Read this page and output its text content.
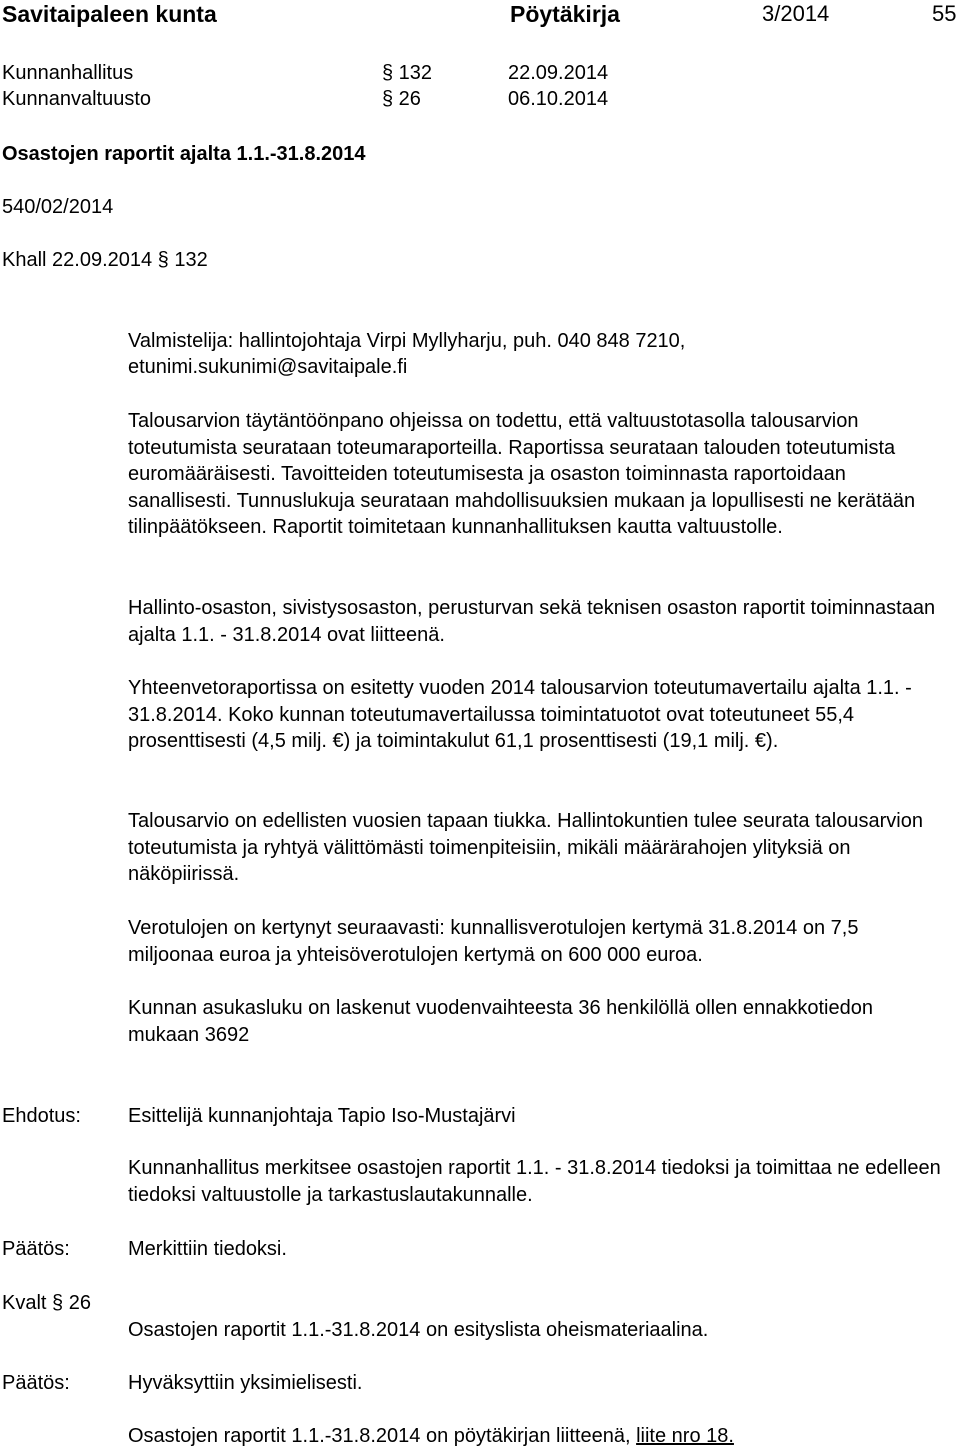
Savitaipaleen kunta	Pöytäkirja	3/2014	55
Kunnanhallitus	§ 132	22.09.2014
Kunnanvaltuusto	§ 26	06.10.2014
Osastojen raportit ajalta 1.1.-31.8.2014
540/02/2014
Khall 22.09.2014 § 132
Valmistelija: hallintojohtaja Virpi Myllyharju, puh. 040 848 7210,
etunimi.sukunimi@savitaipale.fi
Talousarvion täytäntöönpano ohjeissa on todettu, että valtuustotasolla talousarvion toteutumista seurataan toteumaraporteilla. Raportissa seurataan talouden toteutumista euromääräisesti. Tavoitteiden toteutumisesta ja osaston toiminnasta raportoidaan sanallisesti. Tunnuslukuja seurataan mahdollisuuksien mukaan ja lopullisesti ne kerätään tilinpäätökseen. Raportit toimitetaan kunnanhallituksen kautta valtuustolle.
Hallinto-osaston, sivistysosaston, perusturvan sekä teknisen osaston raportit toiminnastaan ajalta 1.1. - 31.8.2014 ovat liitteenä.
Yhteenvetoraportissa on esitetty vuoden 2014 talousarvion toteutumavertailu ajalta 1.1. - 31.8.2014. Koko kunnan toteutumavertailussa toimintatuotot ovat toteutuneet 55,4 prosenttisesti (4,5 milj. €) ja toimintakulut 61,1 prosenttisesti (19,1 milj. €).
Talousarvio on edellisten vuosien tapaan tiukka. Hallintokuntien tulee seurata talousarvion toteutumista ja ryhtyä välittömästi toimenpiteisiin, mikäli määrärahojen ylityksiä on näköpiirissä.
Verotulojen on kertynyt seuraavasti: kunnallisverotulojen kertymä 31.8.2014 on 7,5 miljoonaa euroa ja yhteisöverotulojen kertymä on 600 000 euroa.
Kunnan asukasluku on laskenut vuodenvaihteesta 36 henkilöllä ollen ennakkotiedon mukaan 3692
Ehdotus: Esittelijä kunnanjohtaja Tapio Iso-Mustajärvi
Kunnanhallitus merkitsee osastojen raportit 1.1. - 31.8.2014 tiedoksi ja toimittaa ne edelleen tiedoksi valtuustolle ja tarkastuslautakunnalle.
Päätös:	Merkittiin tiedoksi.
Kvalt § 26
Osastojen raportit 1.1.-31.8.2014 on esityslista oheismateriaalina.
Päätös:	Hyväksyttiin yksimielisesti.
Osastojen raportit 1.1.-31.8.2014 on pöytäkirjan liitteenä, liite nro 18.
